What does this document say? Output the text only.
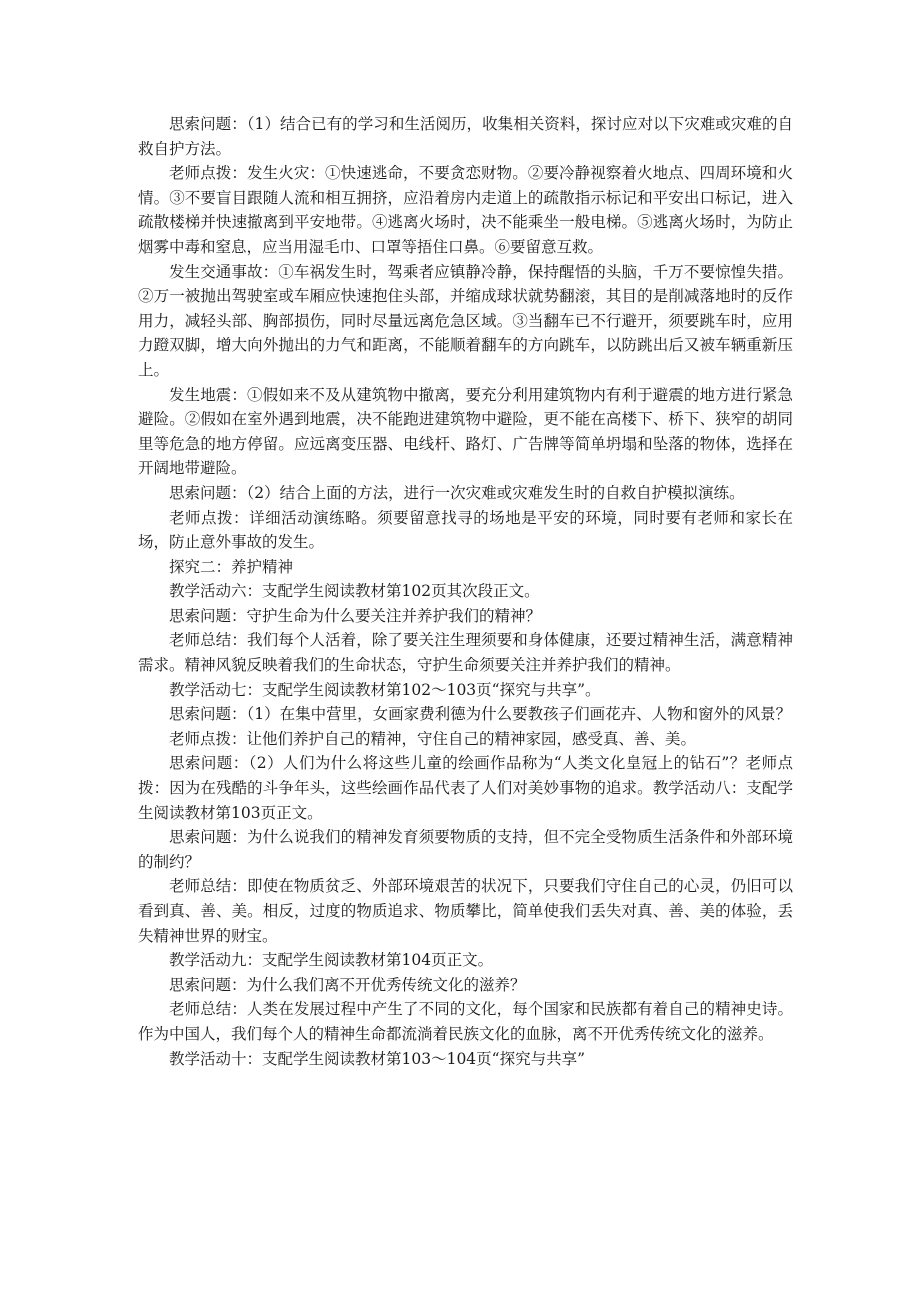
思索问题：（1）结合已有的学习和生活阅历，收集相关资料，探讨应对以下灾难或灾难的自救自护方法。

老师点拨：发生火灾：①快速逃命，不要贪恋财物。②要冷静视察着火地点、四周环境和火情。③不要盲目跟随人流和相互拥挤，应沿着房内走道上的疏散指示标记和平安出口标记，进入疏散楼梯并快速撤离到平安地带。④逃离火场时，决不能乘坐一般电梯。⑤逃离火场时，为防止烟雾中毒和窒息，应当用湿毛巾、口罩等捂住口鼻。⑥要留意互救。

发生交通事故：①车祸发生时，驾乘者应镇静冷静，保持醒悟的头脑，千万不要惊惶失措。②万一被抛出驾驶室或车厢应快速抱住头部，并缩成球状就势翻滚，其目的是削减落地时的反作用力，减轻头部、胸部损伤，同时尽量远离危急区域。③当翻车已不行避开，须要跳车时，应用力蹬双脚，增大向外抛出的力气和距离，不能顺着翻车的方向跳车，以防跳出后又被车辆重新压上。

发生地震：①假如来不及从建筑物中撤离，要充分利用建筑物内有利于避震的地方进行紧急避险。②假如在室外遇到地震，决不能跑进建筑物中避险，更不能在高楼下、桥下、狭窄的胡同里等危急的地方停留。应远离变压器、电线杆、路灯、广告牌等简单坍塌和坠落的物体，选择在开阔地带避险。

思索问题：（2）结合上面的方法，进行一次灾难或灾难发生时的自救自护模拟演练。

老师点拨：详细活动演练略。须要留意找寻的场地是平安的环境，同时要有老师和家长在场，防止意外事故的发生。

探究二：养护精神

教学活动六：支配学生阅读教材第102页其次段正文。

思索问题：守护生命为什么要关注并养护我们的精神？

老师总结：我们每个人活着，除了要关注生理须要和身体健康，还要过精神生活，满意精神需求。精神风貌反映着我们的生命状态，守护生命须要关注并养护我们的精神。

教学活动七：支配学生阅读教材第102～103页“探究与共享”。

思索问题：（1）在集中营里，女画家费利德为什么要教孩子们画花卉、人物和窗外的风景？

老师点拨：让他们养护自己的精神，守住自己的精神家园，感受真、善、美。

思索问题：（2）人们为什么将这些儿童的绘画作品称为“人类文化皇冠上的钻石”？老师点拨：因为在残酷的斗争年头，这些绘画作品代表了人们对美妙事物的追求。教学活动八：支配学生阅读教材第103页正文。

思索问题：为什么说我们的精神发育须要物质的支持，但不完全受物质生活条件和外部环境的制约？

老师总结：即使在物质贫乏、外部环境艰苦的状况下，只要我们守住自己的心灵，仍旧可以看到真、善、美。相反，过度的物质追求、物质攀比，简单使我们丢失对真、善、美的体验，丢失精神世界的财宝。

教学活动九：支配学生阅读教材第104页正文。

思索问题：为什么我们离不开优秀传统文化的滋养？

老师总结：人类在发展过程中产生了不同的文化，每个国家和民族都有着自己的精神史诗。作为中国人，我们每个人的精神生命都流淌着民族文化的血脉，离不开优秀传统文化的滋养。

教学活动十：支配学生阅读教材第103～104页“探究与共享”
